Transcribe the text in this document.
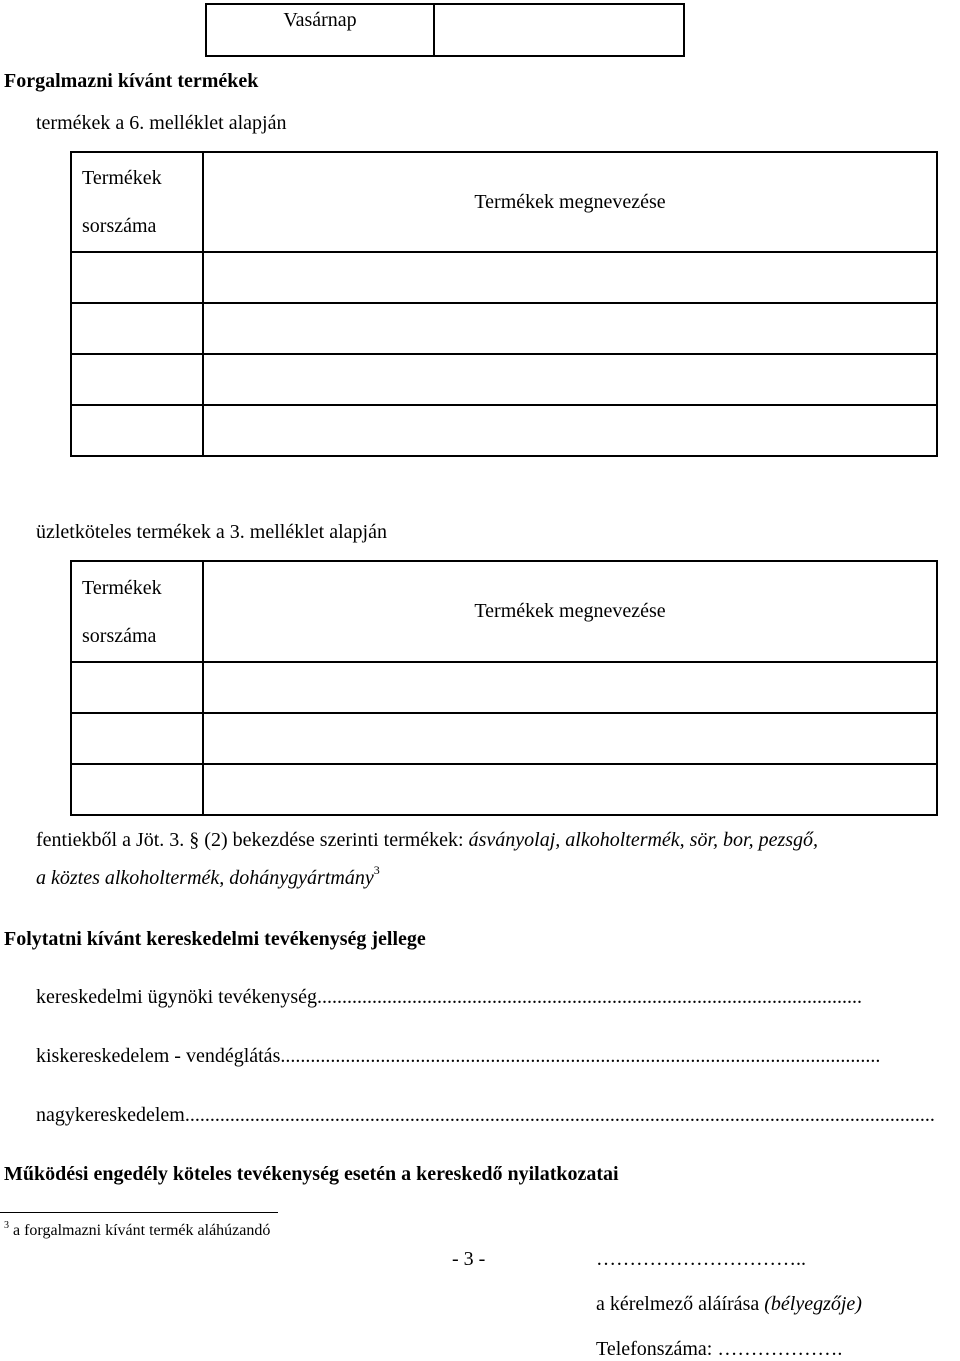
Vasárnap

Forgalmazni kívánt termékek
termékek a 6. melléklet alapján
Termékek
sorszáma	Termékek megnevezése

üzletköteles termékek a 3. melléklet alapján
Termékek
sorszáma	Termékek megnevezése

fentiekből a Jöt. 3. § (2) bekezdése szerinti termékek: ásványolaj, alkoholtermék, sör, bor, pezsgő,
a köztes alkoholtermék, dohánygyártmány$^3$
Folytatni kívánt kereskedelmi tevékenység jellege
kereskedelmi ügynöki tevékenység.............................................................................................................
kiskereskedelem - vendéglátás........................................................................................................................
nagykereskedelem......................................................................................................................................................
Működési engedély köteles tevékenység esetén a kereskedő nyilatkozatai
$^3$ a forgalmazni kívánt termék aláhúzandó
- 3 -	…………………………..
a kérelmező aláírása (bélyegzője)
Telefonszáma: ……………….
